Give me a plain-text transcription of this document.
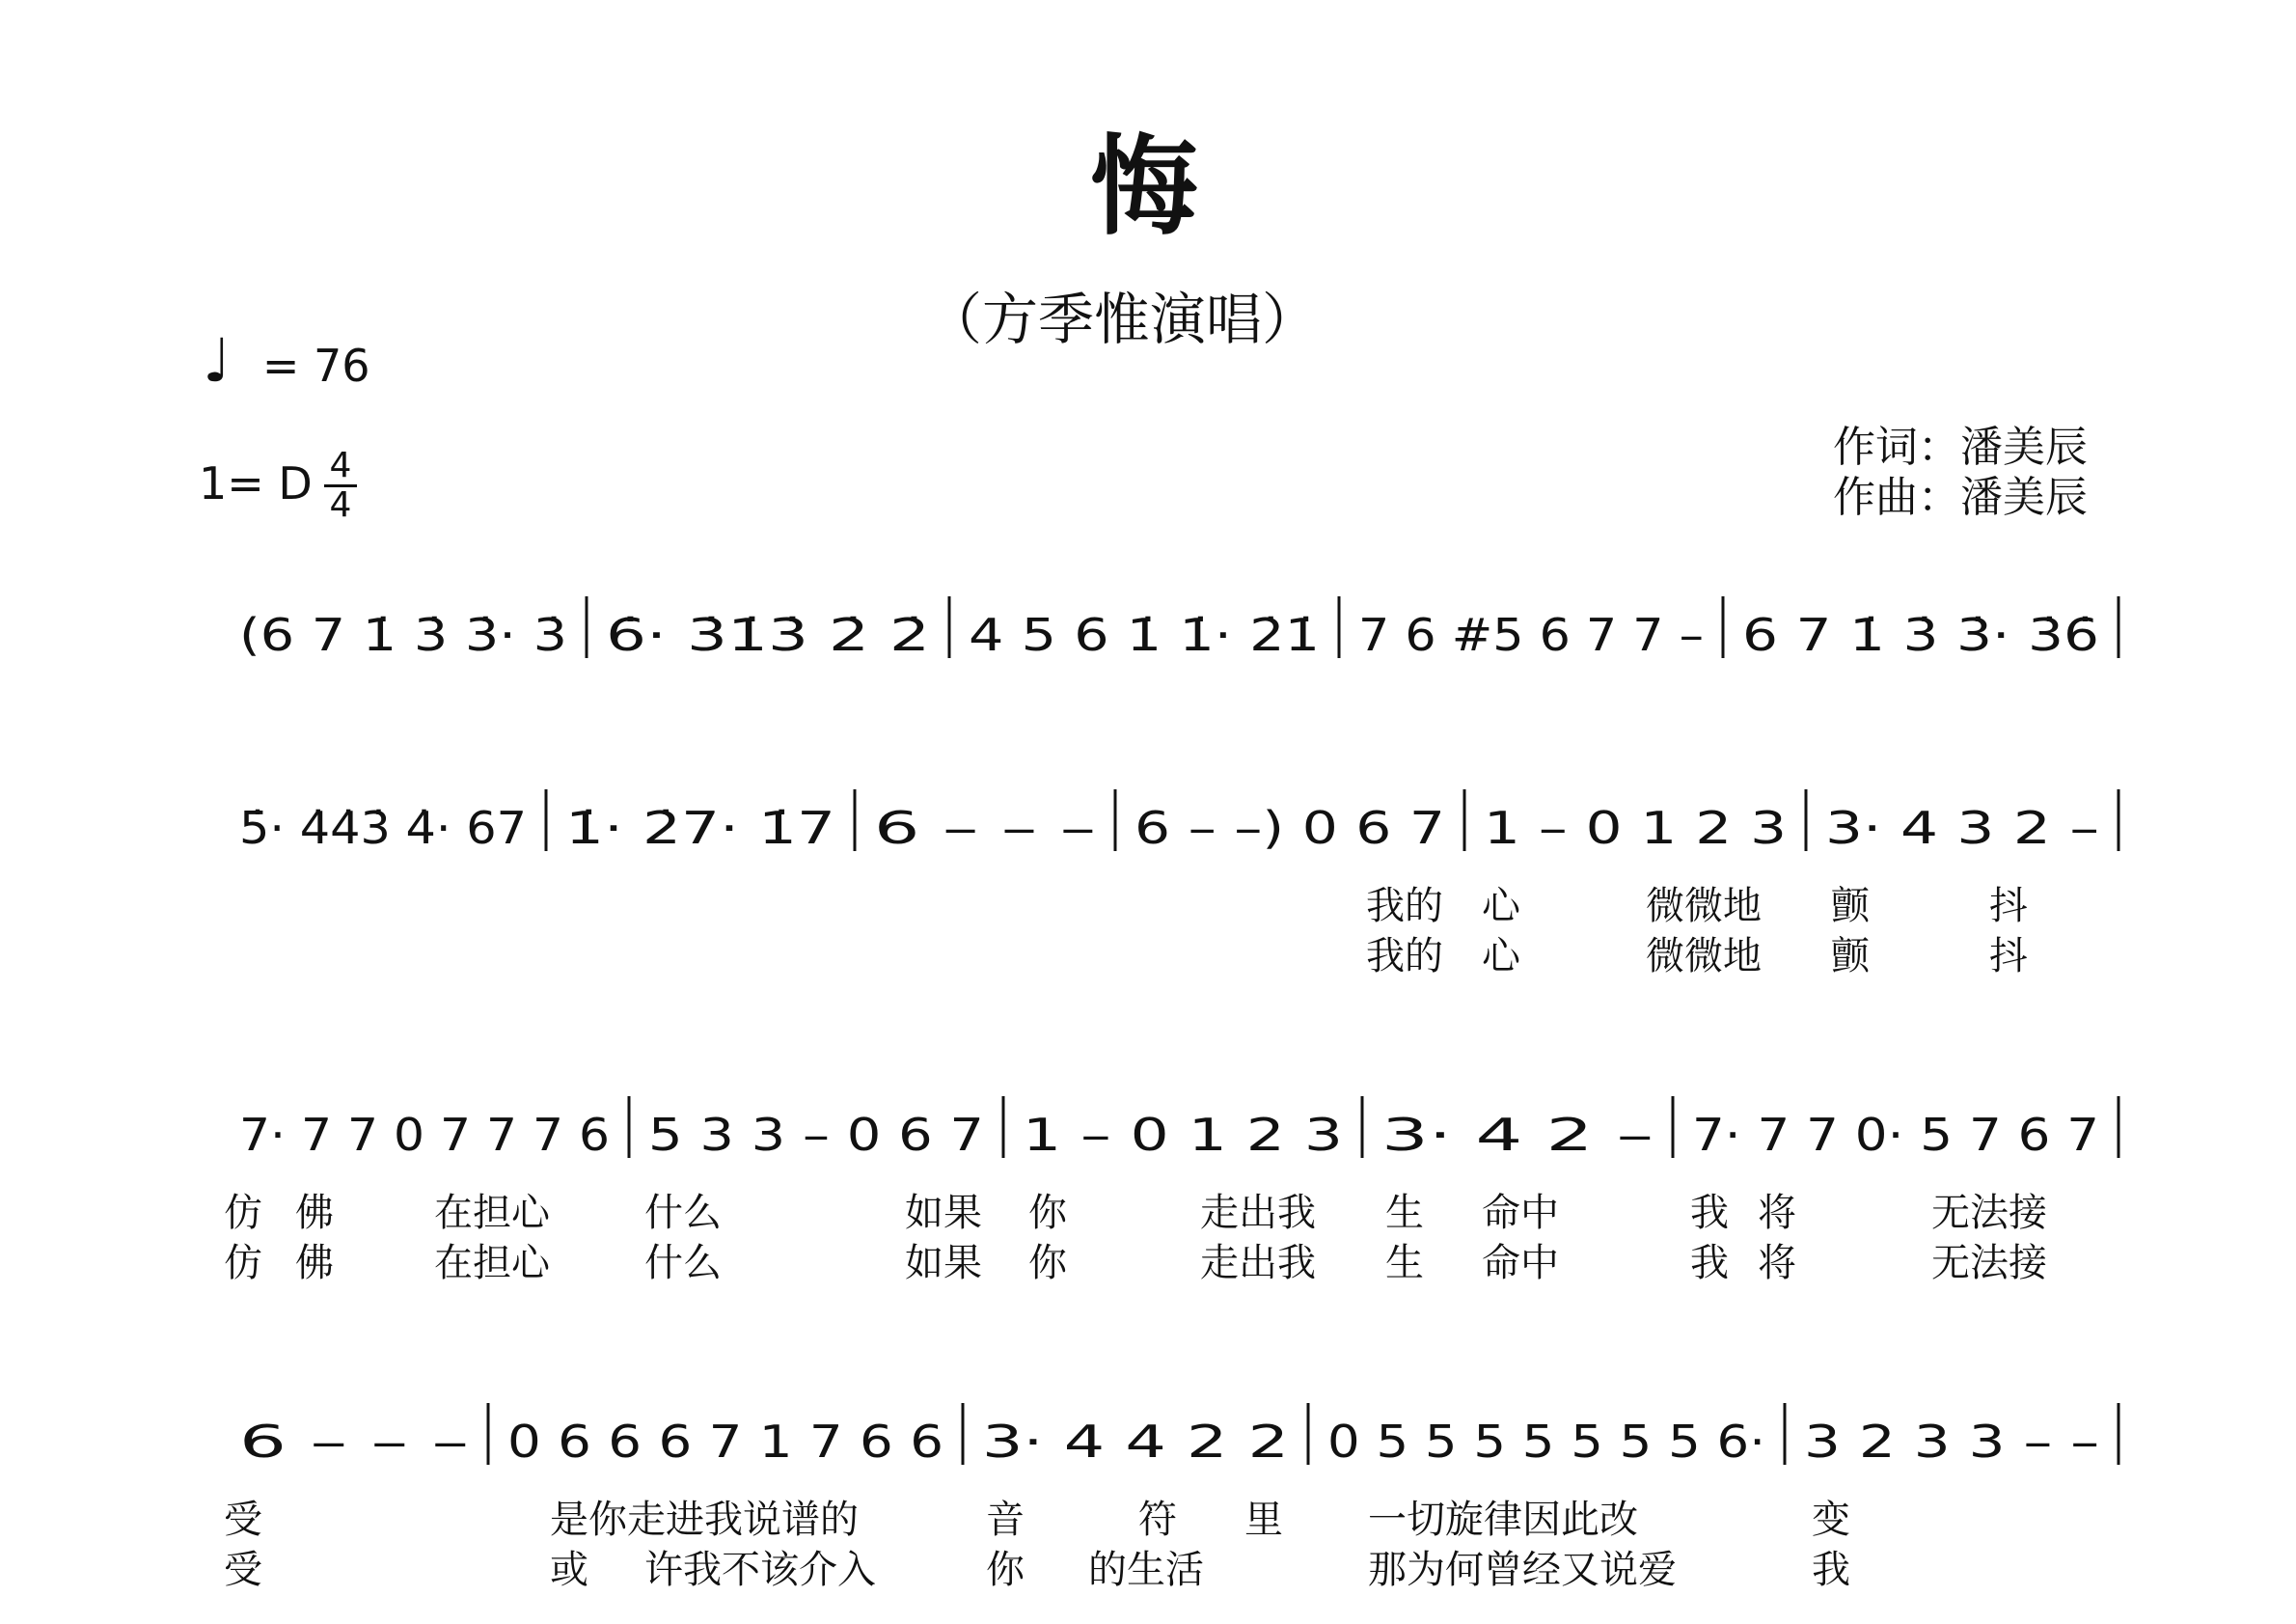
悔
（方季惟演唱）
♩ = 76
1= D 4
4
作词：潘美辰
作曲：潘美辰
(6 7 1̇ 3̇ 3̇· 3̇ 6̇· 3̇1̇3̇ 2̇ 2̇ 4 5 6 1̇ 1̇· 2̇1̇ 7 6 #5 6 7 7 – 6 7 1̇ 3̇ 3̇· 3̇6̇
5̇· 4̇4̇3̇ 4̇· 67 1̇· 2̇7· 1̇7 6 – – – 6 – –) 0 6 7 1 – 0 1 2 3 3· 4 3 2 –
我的 心	微微地 颤	抖
我的 心	微微地 颤	抖
7· 7 7 0 7 7 7 6 5 3 3 – 0 6 7 1 – 0 1 2 3 3· 4 2 – 7· 7 7 0· 5 7 6 7
仿 佛	在担心 什么	如果 你	走出我 生 命中	我 将	无法接
仿 佛	在担心 什么	如果 你	走出我 生 命中	我 将	无法接
6 – – – 0 6 6 6 7 1 7 6 6 3· 4 4 2 2 0 5 5 5 5 5 5 5 6· 3 2 3 3 – –
受	是你走进我说谱的	音	符 里 一切旋律因此改	变
受	或 许我不该介入	你 的生活	那为何曾经又说爱	我
